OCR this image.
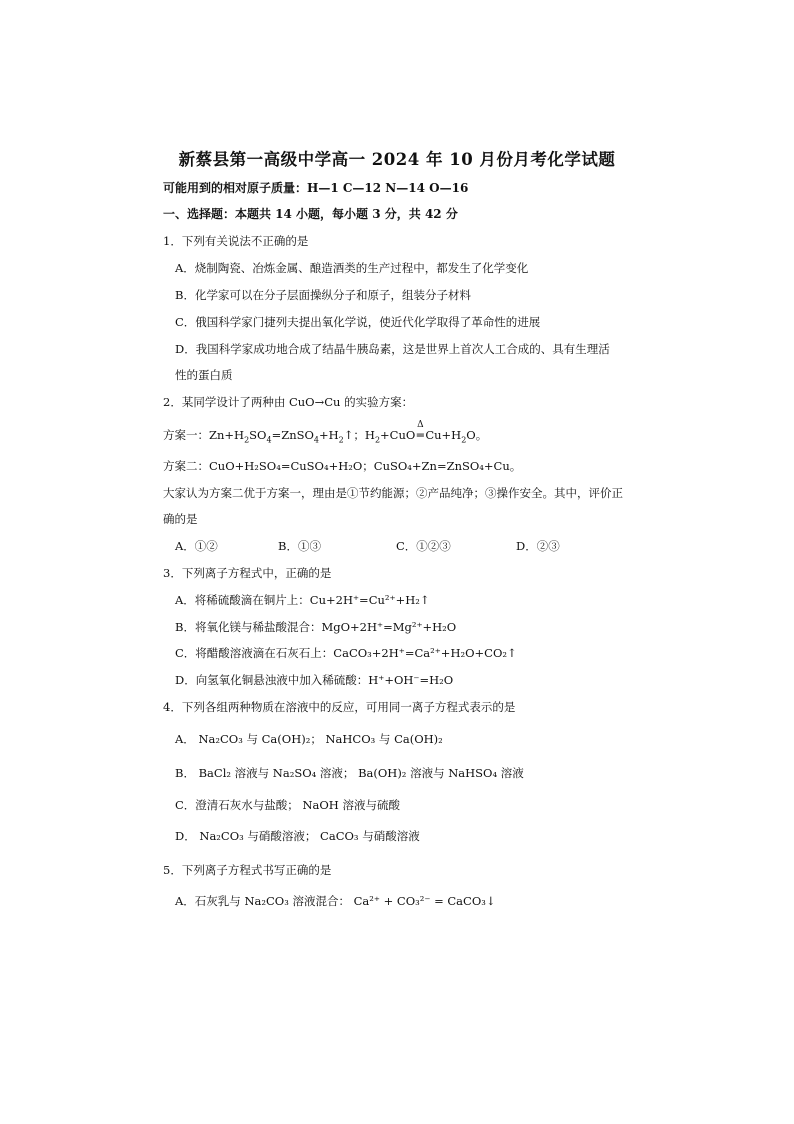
新蔡县第一高级中学高一 2024 年 10 月份月考化学试题
可能用到的相对原子质量：H—1 C—12 N—14 O—16
一、选择题：本题共 14 小题，每小题 3 分，共 42 分
1．下列有关说法不正确的是
A．烧制陶瓷、冶炼金属、酿造酒类的生产过程中，都发生了化学变化
B．化学家可以在分子层面操纵分子和原子，组装分子材料
C．俄国科学家门捷列夫提出氧化学说，使近代化学取得了革命性的进展
D．我国科学家成功地合成了结晶牛胰岛素，这是世界上首次人工合成的、具有生理活
性的蛋白质
2．某同学设计了两种由 CuO→Cu 的实验方案：
方案一：$Zn+H_2SO_4=ZnSO_4+H_2↑$；$H_2+CuO$
Δ
═ $Cu+H_2O$。
方案二：CuO+H₂SO₄=CuSO₄+H₂O；CuSO₄+Zn=ZnSO₄+Cu。
大家认为方案二优于方案一，理由是①节约能源；②产品纯净；③操作安全。其中，评价正
确的是
A．①②	B．①③	C．①②③	D．②③
3．下列离子方程式中，正确的是
A．将稀硫酸滴在铜片上：Cu+2H⁺=Cu²⁺+H₂↑
B．将氧化镁与稀盐酸混合：MgO+2H⁺=Mg²⁺+H₂O
C．将醋酸溶液滴在石灰石上：CaCO₃+2H⁺=Ca²⁺+H₂O+CO₂↑
D．向氢氧化铜悬浊液中加入稀硫酸：H⁺+OH⁻=H₂O
4．下列各组两种物质在溶液中的反应，可用同一离子方程式表示的是
A． Na₂CO₃ 与 Ca(OH)₂； NaHCO₃ 与 Ca(OH)₂
B． BaCl₂ 溶液与 Na₂SO₄ 溶液； Ba(OH)₂ 溶液与 NaHSO₄ 溶液
C．澄清石灰水与盐酸； NaOH 溶液与硫酸
D． Na₂CO₃ 与硝酸溶液； CaCO₃ 与硝酸溶液
5．下列离子方程式书写正确的是
A．石灰乳与 Na₂CO₃ 溶液混合： Ca²⁺ + CO₃²⁻ = CaCO₃↓
